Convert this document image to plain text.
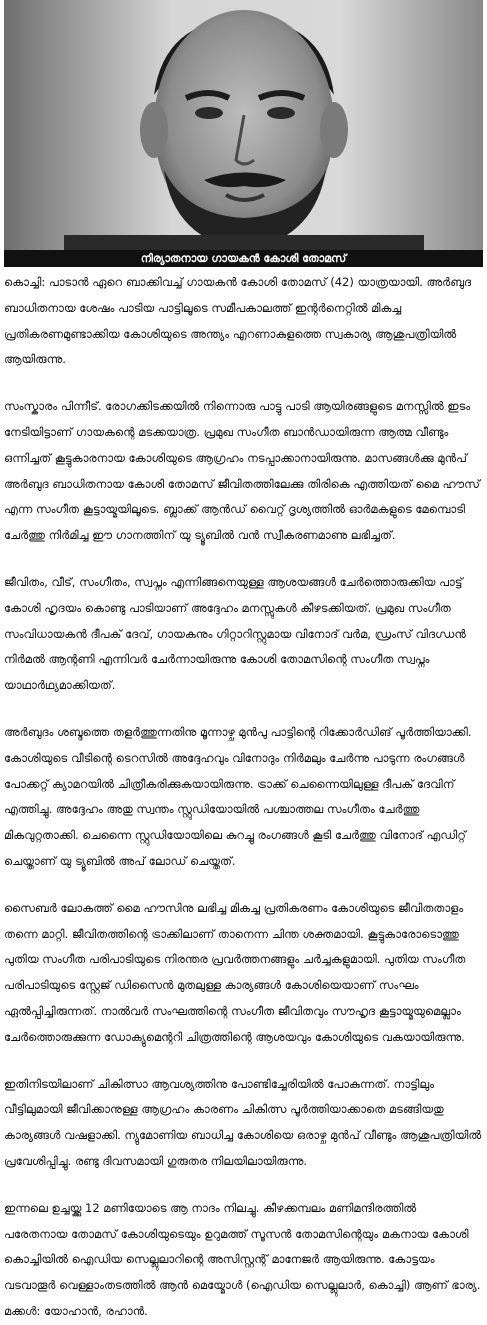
നിര്യാതനായ ഗായകൻ കോശി തോമസ്

കൊച്ചി: പാടാൻ ഏറെ ബാക്കിവച്ച് ഗായകൻ കോശി തോമസ് (42) യാത്രയായി. അർബുദ ബാധിതനായ ശേഷം പാടിയ പാട്ടിലൂടെ സമീപകാലത്ത് ഇന്റർനെറ്റിൽ മികച്ച പ്രതികരണമുണ്ടാക്കിയ കോശിയുടെ അന്ത്യം എറണാകുളത്തെ സ്വകാര്യ ആശുപത്രിയിൽ ആയിരുന്നു.

സംസ്കാരം പിന്നീട്. രോഗക്കിടക്കയിൽ നിന്നൊരു പാട്ടു പാടി ആയിരങ്ങളുടെ മനസ്സിൽ ഇടം നേടിയിട്ടാണ് ഗായകന്റെ മടക്കയാത്ര. പ്രമുഖ സംഗീത ബാൻഡായിരുന്ന ആത്മ വീണ്ടും ഒന്നിച്ചത് കൂട്ടുകാരനായ കോശിയുടെ ആഗ്രഹം നടപ്പാക്കാനായിരുന്നു. മാസങ്ങൾക്കു മുൻപ് അർബുദ ബാധിതനായ കോശി തോമസ് ജീവിതത്തിലേക്കു തിരികെ എത്തിയത് മൈ ഹൗസ് എന്ന സംഗീത കൂട്ടായ്മയിലൂടെ. ബ്ലാക്ക് ആൻഡ് വൈറ്റ് ദൃശ്യത്തിൽ ഓർമകളുടെ മേമ്പൊടി ചേർത്തു നിർമിച്ച ഈ ഗാനത്തിന് യു ട്യൂബിൽ വൻ സ്വീകരണമാണു ലഭിച്ചത്.

ജീവിതം, വീട്, സംഗീതം, സ്വപ്നം എന്നിങ്ങനെയുള്ള ആശയങ്ങൾ ചേർത്തൊരുക്കിയ പാട്ട് കോശി ഹൃദയം കൊണ്ടു പാടിയാണ് അദ്ദേഹം മനസ്സുകൾ കീഴടക്കിയത്. പ്രമുഖ സംഗീത സംവിധായകൻ ദീപക് ദേവ്, ഗായകനും ഗിറ്റാറിസ്റ്റുമായ വിനോദ് വർമ, ഡ്രംസ് വിദഗ്ധൻ നിർമൽ ആന്റണി എന്നിവർ ചേർന്നായിരുന്നു കോശി തോമസിന്റെ സംഗീത സ്വപ്നം യാഥാർഥ്യമാക്കിയത്.

അർബുദം ശബ്ദത്തെ തളർത്തുന്നതിനു മൂന്നാഴ്ച മുൻപു പാട്ടിന്റെ റിക്കോർഡിങ് പൂർത്തിയാക്കി. കോശിയുടെ വീടിന്റെ ടെറസിൽ അദ്ദേഹവും വിനോദും നിർമലും ചേർന്നു പാടുന്ന രംഗങ്ങൾ പോക്കറ്റ് ക്യാമറയിൽ ചിത്രീകരിക്കുകയായിരുന്നു. ട്രാക്ക് ചെന്നൈയിലുള്ള ദീപക് ദേവിന് എത്തിച്ചു. അദ്ദേഹം അതു സ്വന്തം സ്റ്റുഡിയോയിൽ പശ്ചാത്തല സംഗീതം ചേർത്തു മികവുറ്റതാക്കി. ചെന്നൈ സ്റ്റുഡിയോയിലെ കുറച്ചു രംഗങ്ങൾ കൂടി ചേർത്തു വിനോദ് എഡിറ്റ് ചെയ്താണ് യു ട്യൂബിൽ അപ് ലോഡ് ചെയ്തത്.

സൈബർ ലോകത്ത് മൈ ഹൗസിനു ലഭിച്ച മികച്ച പ്രതികരണം കോശിയുടെ ജീവിതതാളം തന്നെ മാറ്റി. ജീവിതത്തിന്റെ ട്രാക്കിലാണ് താനെന്ന ചിന്ത ശക്തമായി. കൂട്ടുകാരോടൊത്തു പുതിയ സംഗീത പരിപാടിയുടെ നിരന്തര പ്രവർത്തനങ്ങളും ചർച്ചകളുമായി. പുതിയ സംഗീത പരിപാടിയുടെ സ്റ്റേജ് ഡിസൈൻ മുതലുള്ള കാര്യങ്ങൾ കോശിയെയാണ് സംഘം ഏൽപ്പിച്ചിരുന്നത്. നാൽവർ സംഘത്തിന്റെ സംഗീത ജീവിതവും സൗഹൃദ കൂട്ടായ്മയുമെല്ലാം ചേർത്തൊരുക്കുന്ന ഡോക്യുമെന്ററി ചിത്രത്തിന്റെ ആശയവും കോശിയുടെ വകയായിരുന്നു.

ഇതിനിടയിലാണ് ചികിത്സാ ആവശ്യത്തിനു പോണ്ടിച്ചേരിയിൽ പോകുന്നത്. നാട്ടിലും വീട്ടിലുമായി ജീവിക്കാനുള്ള ആഗ്രഹം കാരണം ചികിത്സ പൂർത്തിയാക്കാതെ മടങ്ങിയതു കാര്യങ്ങൾ വഷളാക്കി. ന്യുമോണിയ ബാധിച്ച കോശിയെ ഒരാഴ്ച മുൻപ് വീണ്ടും ആശുപത്രിയിൽ പ്രവേശിപ്പിച്ചു. രണ്ടു ദിവസമായി ഗുരുതര നിലയിലായിരുന്നു.

ഇന്നലെ ഉച്ചയ്ക്കു 12 മണിയോടെ ആ നാദം നിലച്ചു. കീഴക്കമ്പലം മണിമന്ദിരത്തിൽ പരേതനായ തോമസ് കോശിയുടെയും ഉറുമത്ത് സൂസൻ തോമസിന്റെയും മകനായ കോശി കൊച്ചിയിൽ ഐഡിയ സെല്ലുലാറിന്റെ അസിസ്റ്റന്റ് മാനേജർ ആയിരുന്നു. കോട്ടയം വടവാതൂർ വെള്ളാംതടത്തിൽ ആൻ മെയ്മോൾ (ഐഡിയ സെല്ലുലാർ, കൊച്ചി) ആണ് ഭാര്യ. മക്കൾ: യോഹാൻ, രഹാൻ.
